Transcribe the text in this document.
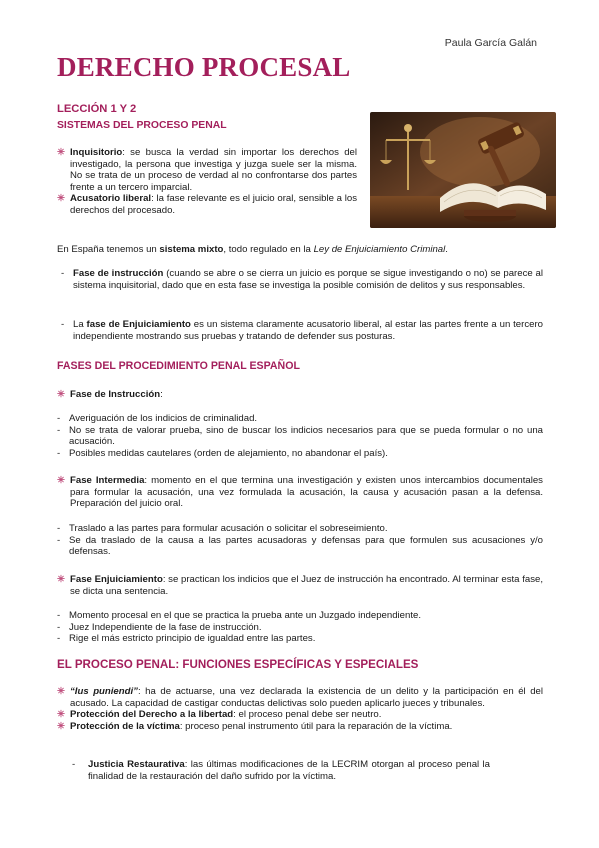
Paula García Galán
DERECHO PROCESAL
LECCIÓN 1 Y 2
SISTEMAS DEL PROCESO PENAL
✳ Inquisitorio: se busca la verdad sin importar los derechos del investigado, la persona que investiga y juzga suele ser la misma. No se trata de un proceso de verdad al no confrontarse dos partes frente a un tercero imparcial.
✳ Acusatorio liberal: la fase relevante es el juicio oral, sensible a los derechos del procesado.
En España tenemos un sistema mixto, todo regulado en la Ley de Enjuiciamiento Criminal.
- Fase de instrucción (cuando se abre o se cierra un juicio es porque se sigue investigando o no) se parece al sistema inquisitorial, dado que en esta fase se investiga la posible comisión de delitos y sus responsables.
- La fase de Enjuiciamiento es un sistema claramente acusatorio liberal, al estar las partes frente a un tercero independiente mostrando sus pruebas y tratando de defender sus posturas.
FASES DEL PROCEDIMIENTO PENAL ESPAÑOL
✳ Fase de Instrucción:
- Averiguación de los indicios de criminalidad.
- No se trata de valorar prueba, sino de buscar los indicios necesarios para que se pueda formular o no una acusación.
- Posibles medidas cautelares (orden de alejamiento, no abandonar el país).
✳ Fase Intermedia: momento en el que termina una investigación y existen unos intercambios documentales para formular la acusación, una vez formulada la acusación, la causa y acusación pasan a la defensa. Preparación del juicio oral.
- Traslado a las partes para formular acusación o solicitar el sobreseimiento.
- Se da traslado de la causa a las partes acusadoras y defensas para que formulen sus acusaciones y/o defensas.
✳ Fase Enjuiciamiento: se practican los indicios que el Juez de instrucción ha encontrado. Al terminar esta fase, se dicta una sentencia.
- Momento procesal en el que se practica la prueba ante un Juzgado independiente.
- Juez Independiente de la fase de instrucción.
- Rige el más estricto principio de igualdad entre las partes.
EL PROCESO PENAL: FUNCIONES ESPECÍFICAS Y ESPECIALES
✳ “Ius puniendi”: ha de actuarse, una vez declarada la existencia de un delito y la participación en él del acusado. La capacidad de castigar conductas delictivas solo pueden aplicarlo jueces y tribunales.
✳ Protección del Derecho a la libertad: el proceso penal debe ser neutro.
✳ Protección de la víctima: proceso penal instrumento útil para la reparación de la víctima.
-	Justicia Restaurativa: las últimas modificaciones de la LECRIM otorgan al proceso penal la finalidad de la restauración del daño sufrido por la víctima.
